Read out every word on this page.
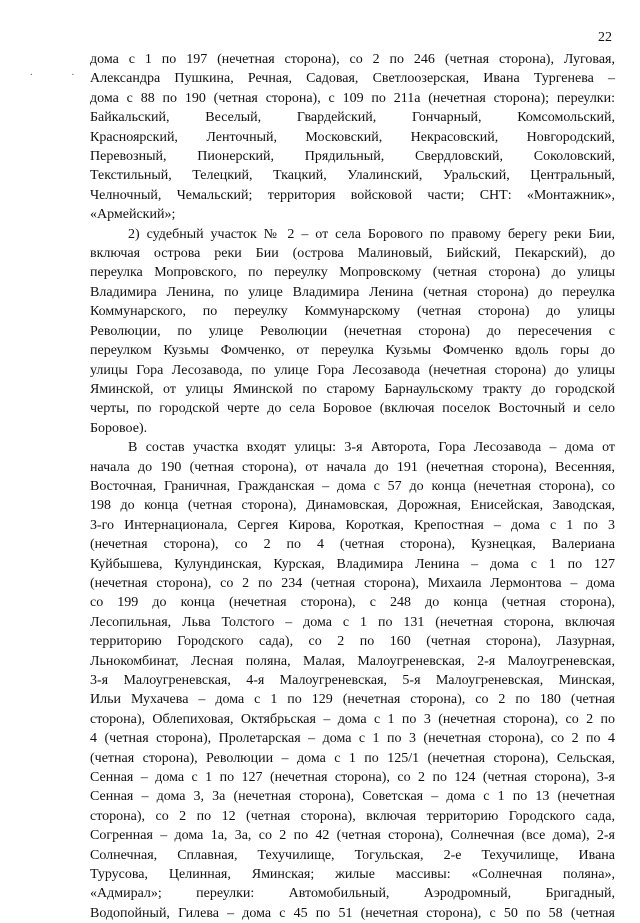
22
. .

дома с 1 по 197 (нечетная сторона), со 2 по 246 (четная сторона), Луговая,
Александра Пушкина, Речная, Садовая, Светлоозерская, Ивана Тургенева –
дома с 88 по 190 (четная сторона), с 109 по 211а (нечетная сторона); переулки:
Байкальский, Веселый, Гвардейский, Гончарный, Комсомольский,
Красноярский, Ленточный, Московский, Некрасовский, Новгородский,
Перевозный, Пионерский, Прядильный, Свердловский, Соколовский,
Текстильный, Телецкий, Ткацкий, Улалинский, Уральский, Центральный,
Челночный, Чемальский; территория войсковой части; СНТ: «Монтажник»,
«Армейский»;

2) судебный участок № 2 – от села Борового по правому берегу реки Бии,
включая острова реки Бии (острова Малиновый, Бийский, Пекарский), до
переулка Мопровского, по переулку Мопровскому (четная сторона) до улицы
Владимира Ленина, по улице Владимира Ленина (четная сторона) до переулка
Коммунарского, по переулку Коммунарскому (четная сторона) до улицы
Революции, по улице Революции (нечетная сторона) до пересечения с
переулком Кузьмы Фомченко, от переулка Кузьмы Фомченко вдоль горы до
улицы Гора Лесозавода, по улице Гора Лесозавода (нечетная сторона) до улицы
Яминской, от улицы Яминской по старому Барнаульскому тракту до городской
черты, по городской черте до села Боровое (включая поселок Восточный и село
Боровое).

В состав участка входят улицы: 3-я Авторота, Гора Лесозавода – дома от
начала до 190 (четная сторона), от начала до 191 (нечетная сторона), Весенняя,
Восточная, Граничная, Гражданская – дома с 57 до конца (нечетная сторона), со
198 до конца (четная сторона), Динамовская, Дорожная, Енисейская, Заводская,
3-го Интернационала, Сергея Кирова, Короткая, Крепостная – дома с 1 по 3
(нечетная сторона), со 2 по 4 (четная сторона), Кузнецкая, Валериана
Куйбышева, Кулундинская, Курская, Владимира Ленина – дома с 1 по 127
(нечетная сторона), со 2 по 234 (четная сторона), Михаила Лермонтова – дома
со 199 до конца (нечетная сторона), с 248 до конца (четная сторона),
Лесопильная, Льва Толстого – дома с 1 по 131 (нечетная сторона, включая
территорию Городского сада), со 2 по 160 (четная сторона), Лазурная,
Льнокомбинат, Лесная поляна, Малая, Малоугреневская, 2-я Малоугреневская,
3-я Малоугреневская, 4-я Малоугреневская, 5-я Малоугреневская, Минская,
Ильи Мухачева – дома с 1 по 129 (нечетная сторона), со 2 по 180 (четная
сторона), Облепиховая, Октябрьская – дома с 1 по 3 (нечетная сторона), со 2 по
4 (четная сторона), Пролетарская – дома с 1 по 3 (нечетная сторона), со 2 по 4
(четная сторона), Революции – дома с 1 по 125/1 (нечетная сторона), Сельская,
Сенная – дома с 1 по 127 (нечетная сторона), со 2 по 124 (четная сторона), 3-я
Сенная – дома 3, 3а (нечетная сторона), Советская – дома с 1 по 13 (нечетная
сторона), со 2 по 12 (четная сторона), включая территорию Городского сада,
Согренная – дома 1а, 3а, со 2 по 42 (четная сторона), Солнечная (все дома), 2-я
Солнечная, Сплавная, Техучилище, Тогульская, 2-е Техучилище, Ивана
Турусова, Целинная, Яминская; жилые массивы: «Солнечная поляна»,
«Адмирал»; переулки: Автомобильный, Аэродромный, Бригадный,
Водопойный, Гилева – дома с 45 по 51 (нечетная сторона), с 50 по 58 (четная
